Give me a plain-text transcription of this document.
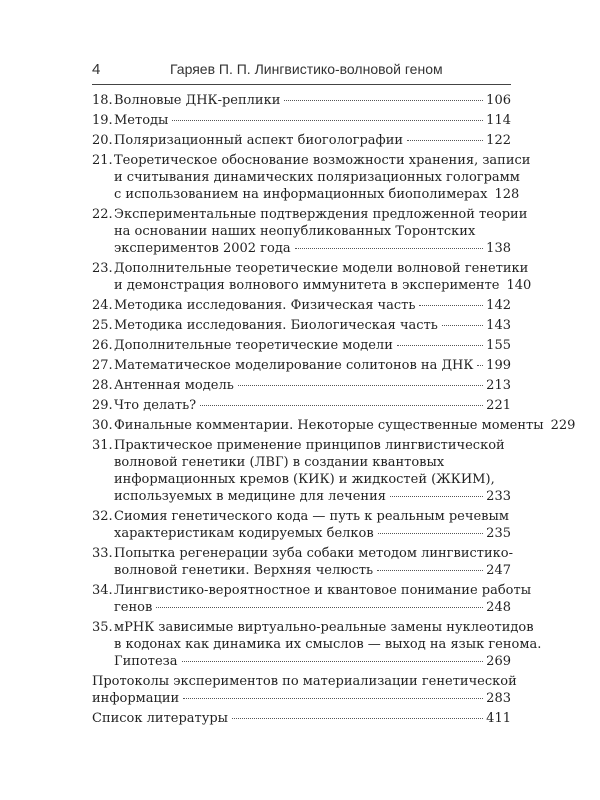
4	Гаряев П. П. Лингвистико-волновой геном
18. Волновые ДНК-реплики	106
19. Методы	114
20. Поляризационный аспект биоголографии	122
21. Теоретическое обоснование возможности хранения, записи
и считывания динамических поляризационных голограмм
с использованием на информационных биополимерах 128
22. Экспериментальные подтверждения предложенной теории
на основании наших неопубликованных Торонтских
экспериментов 2002 года	138
23. Дополнительные теоретические модели волновой генетики
и демонстрация волнового иммунитета в эксперименте 140
24. Методика исследования. Физическая часть	142
25. Методика исследования. Биологическая часть	143
26. Дополнительные теоретические модели	155
27. Математическое моделирование солитонов на ДНК 199
28. Антенная модель	213
29. Что делать?	221
30. Финальные комментарии. Некоторые существенные моменты 229
31. Практическое применение принципов лингвистической
волновой генетики (ЛВГ) в создании квантовых
информационных кремов (КИК) и жидкостей (ЖКИМ),
используемых в медицине для лечения	233
32. Сиомия генетического кода — путь к реальным речевым
характеристикам кодируемых белков	235
33. Попытка регенерации зуба собаки методом лингвистико-
волновой генетики. Верхняя челюсть	247
34. Лингвистико-вероятностное и квантовое понимание работы
генов	248
35. мРНК зависимые виртуально-реальные замены нуклеотидов
в кодонах как динамика их смыслов — выход на язык генома.
Гипотеза	269
Протоколы экспериментов по материализации генетической
информации	283
Список литературы	411
